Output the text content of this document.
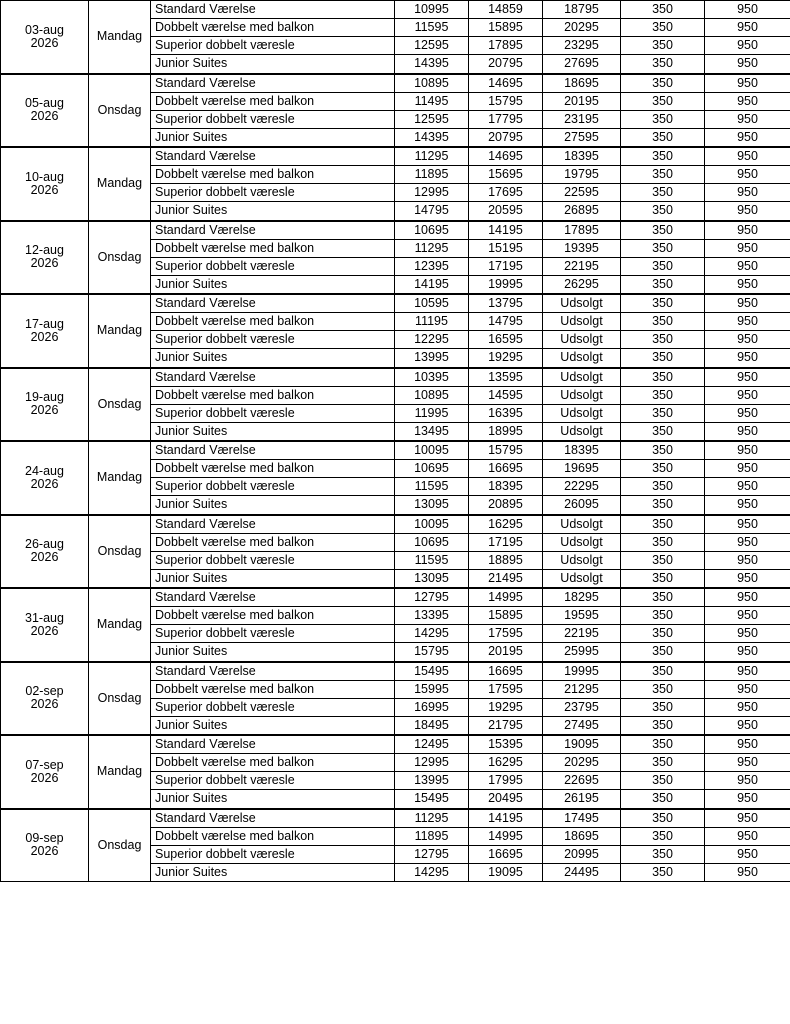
03-aug
2026	Mandag	Standard Værelse	10995	14859	18795	350	950
		Dobbelt værelse med balkon	11595	15895	20295	350	950
		Superior dobbelt væresle	12595	17895	23295	350	950
		Junior Suites	14395	20795	27695	350	950

05-aug
2026	Onsdag	Standard Værelse	10895	14695	18695	350	950
		Dobbelt værelse med balkon	11495	15795	20195	350	950
		Superior dobbelt væresle	12595	17795	23195	350	950
		Junior Suites	14395	20795	27595	350	950

10-aug
2026	Mandag	Standard Værelse	11295	14695	18395	350	950
		Dobbelt værelse med balkon	11895	15695	19795	350	950
		Superior dobbelt væresle	12995	17695	22595	350	950
		Junior Suites	14795	20595	26895	350	950

12-aug
2026	Onsdag	Standard Værelse	10695	14195	17895	350	950
		Dobbelt værelse med balkon	11295	15195	19395	350	950
		Superior dobbelt væresle	12395	17195	22195	350	950
		Junior Suites	14195	19995	26295	350	950

17-aug
2026	Mandag	Standard Værelse	10595	13795	Udsolgt	350	950
		Dobbelt værelse med balkon	11195	14795	Udsolgt	350	950
		Superior dobbelt væresle	12295	16595	Udsolgt	350	950
		Junior Suites	13995	19295	Udsolgt	350	950

19-aug
2026	Onsdag	Standard Værelse	10395	13595	Udsolgt	350	950
		Dobbelt værelse med balkon	10895	14595	Udsolgt	350	950
		Superior dobbelt væresle	11995	16395	Udsolgt	350	950
		Junior Suites	13495	18995	Udsolgt	350	950

24-aug
2026	Mandag	Standard Værelse	10095	15795	18395	350	950
		Dobbelt værelse med balkon	10695	16695	19695	350	950
		Superior dobbelt væresle	11595	18395	22295	350	950
		Junior Suites	13095	20895	26095	350	950

26-aug
2026	Onsdag	Standard Værelse	10095	16295	Udsolgt	350	950
		Dobbelt værelse med balkon	10695	17195	Udsolgt	350	950
		Superior dobbelt væresle	11595	18895	Udsolgt	350	950
		Junior Suites	13095	21495	Udsolgt	350	950

31-aug
2026	Mandag	Standard Værelse	12795	14995	18295	350	950
		Dobbelt værelse med balkon	13395	15895	19595	350	950
		Superior dobbelt væresle	14295	17595	22195	350	950
		Junior Suites	15795	20195	25995	350	950

02-sep
2026	Onsdag	Standard Værelse	15495	16695	19995	350	950
		Dobbelt værelse med balkon	15995	17595	21295	350	950
		Superior dobbelt væresle	16995	19295	23795	350	950
		Junior Suites	18495	21795	27495	350	950

07-sep
2026	Mandag	Standard Værelse	12495	15395	19095	350	950
		Dobbelt værelse med balkon	12995	16295	20295	350	950
		Superior dobbelt væresle	13995	17995	22695	350	950
		Junior Suites	15495	20495	26195	350	950

09-sep
2026	Onsdag	Standard Værelse	11295	14195	17495	350	950
		Dobbelt værelse med balkon	11895	14995	18695	350	950
		Superior dobbelt væresle	12795	16695	20995	350	950
		Junior Suites	14295	19095	24495	350	950
